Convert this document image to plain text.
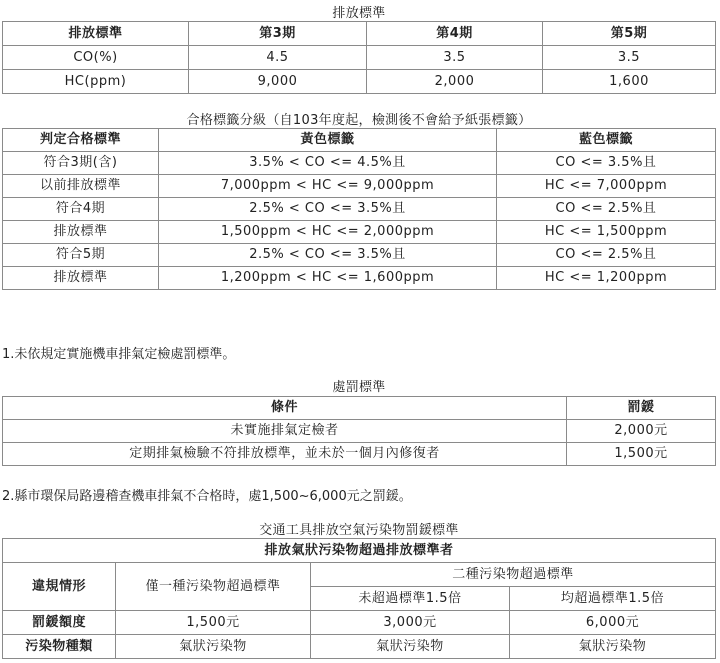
排放標準
排放標準	第3期	第4期	第5期
CO(%)	4.5	3.5	3.5
HC(ppm)	9,000	2,000	1,600
合格標籤分級（自103年度起，檢測後不會給予紙張標籤）
判定合格標準	黃色標籤	藍色標籤
符合3期(含)	3.5% < CO <= 4.5%且	CO <= 3.5%且
以前排放標準	7,000ppm < HC <= 9,000ppm	HC <= 7,000ppm
符合4期	2.5% < CO <= 3.5%且	CO <= 2.5%且
排放標準	1,500ppm < HC <= 2,000ppm	HC <= 1,500ppm
符合5期	2.5% < CO <= 3.5%且	CO <= 2.5%且
排放標準	1,200ppm < HC <= 1,600ppm	HC <= 1,200ppm
1.未依規定實施機車排氣定檢處罰標準。
處罰標準
條件	罰鍰
未實施排氣定檢者	2,000元
定期排氣檢驗不符排放標準，並未於一個月內修復者	1,500元
2.縣市環保局路邊稽查機車排氣不合格時，處1,500~6,000元之罰鍰。
交通工具排放空氣污染物罰鍰標準
排放氣狀污染物超過排放標準者			
違規情形	僅一種污染物超過標準	二種污染物超過標準	
		未超過標準1.5倍	均超過標準1.5倍
罰鍰額度	1,500元	3,000元	6,000元
污染物種類	氣狀污染物	氣狀污染物	氣狀污染物
